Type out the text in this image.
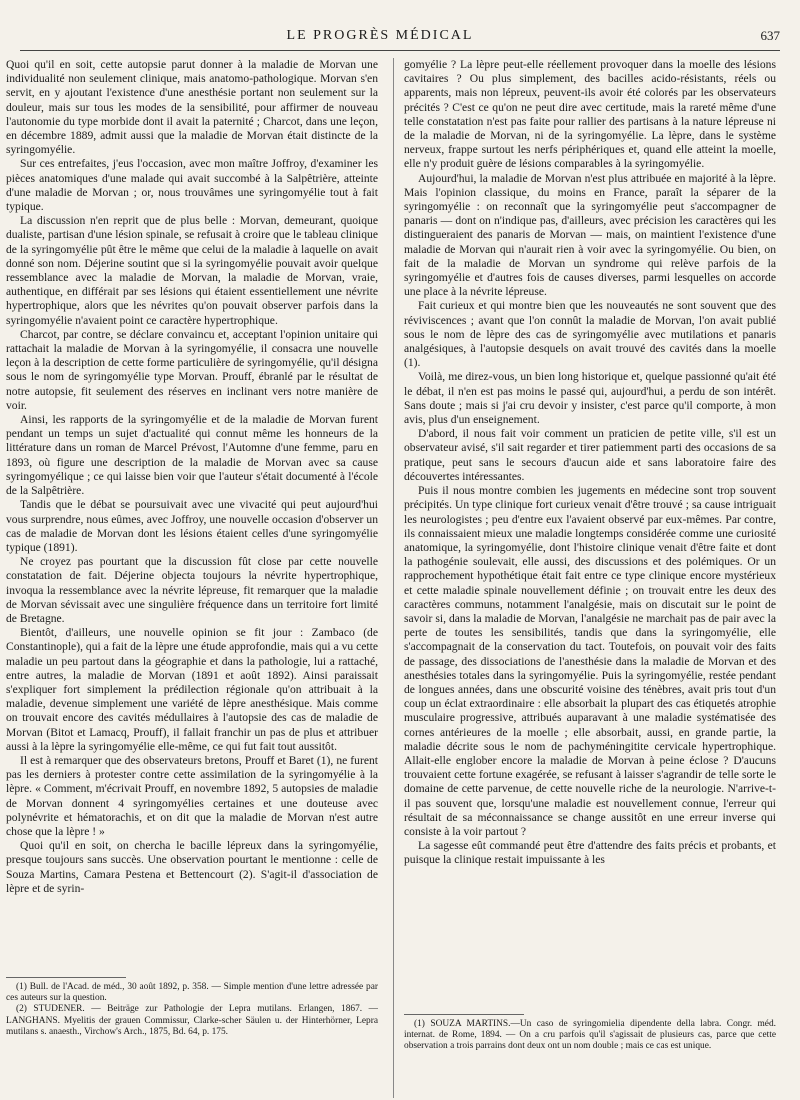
LE PROGRÈS MÉDICAL	637

Quoi qu'il en soit, cette autopsie parut donner à la maladie de Morvan une individualité non seulement clinique, mais anatomo-pathologique. Morvan s'en servit, en y ajoutant l'existence d'une anesthésie portant non seulement sur la douleur, mais sur tous les modes de la sensibilité, pour affirmer de nouveau l'autonomie du type morbide dont il avait la paternité ; Charcot, dans une leçon, en décembre 1889, admit aussi que la maladie de Morvan était distincte de la syringomyélie.

Sur ces entrefaites, j'eus l'occasion, avec mon maître Joffroy, d'examiner les pièces anatomiques d'une malade qui avait succombé à la Salpêtrière, atteinte d'une maladie de Morvan ; or, nous trouvâmes une syringomyélie tout à fait typique.

La discussion n'en reprit que de plus belle : Morvan, demeurant, quoique dualiste, partisan d'une lésion spinale, se refusait à croire que le tableau clinique de la syringomyélie pût être le même que celui de la maladie à laquelle on avait donné son nom. Déjerine soutint que si la syringomyélie pouvait avoir quelque ressemblance avec la maladie de Morvan, la maladie de Morvan, vraie, authentique, en différait par ses lésions qui étaient essentiellement une névrite hypertrophique, alors que les névrites qu'on pouvait observer parfois dans la syringomyélie n'avaient point ce caractère hypertrophique.

Charcot, par contre, se déclare convaincu et, acceptant l'opinion unitaire qui rattachait la maladie de Morvan à la syringomyélie, il consacra une nouvelle leçon à la description de cette forme particulière de syringomyélie, qu'il désigna sous le nom de syringomyélie type Morvan. Prouff, ébranlé par le résultat de notre autopsie, fit seulement des réserves en inclinant vers notre manière de voir.

Ainsi, les rapports de la syringomyélie et de la maladie de Morvan furent pendant un temps un sujet d'actualité qui connut même les honneurs de la littérature dans un roman de Marcel Prévost, l'Automne d'une femme, paru en 1893, où figure une description de la maladie de Morvan avec sa cause syringomyélique ; ce qui laisse bien voir que l'auteur s'était documenté à l'école de la Salpêtrière.

Tandis que le débat se poursuivait avec une vivacité qui peut aujourd'hui vous surprendre, nous eûmes, avec Joffroy, une nouvelle occasion d'observer un cas de maladie de Morvan dont les lésions étaient celles d'une syringomyélie typique (1891).

Ne croyez pas pourtant que la discussion fût close par cette nouvelle constatation de fait. Déjerine objecta toujours la névrite hypertrophique, invoqua la ressemblance avec la névrite lépreuse, fit remarquer que la maladie de Morvan sévissait avec une singulière fréquence dans un territoire fort limité de Bretagne.

Bientôt, d'ailleurs, une nouvelle opinion se fit jour : Zambaco (de Constantinople), qui a fait de la lèpre une étude approfondie, mais qui a vu cette maladie un peu partout dans la géographie et dans la pathologie, lui a rattaché, entre autres, la maladie de Morvan (1891 et août 1892). Ainsi paraissait s'expliquer fort simplement la prédilection régionale qu'on attribuait à la maladie, devenue simplement une variété de lèpre anesthésique. Mais comme on trouvait encore des cavités médullaires à l'autopsie des cas de maladie de Morvan (Bitot et Lamacq, Prouff), il fallait franchir un pas de plus et attribuer aussi à la lèpre la syringomyélie elle-même, ce qui fut fait tout aussitôt.

Il est à remarquer que des observateurs bretons, Prouff et Baret (1), ne furent pas les derniers à protester contre cette assimilation de la syringomyélie à la lèpre. « Comment, m'écrivait Prouff, en novembre 1892, 5 autopsies de maladie de Morvan donnent 4 syringomyélies certaines et une douteuse avec polynévrite et hématorachis, et on dit que la maladie de Morvan n'est autre chose que la lèpre ! »

Quoi qu'il en soit, on chercha le bacille lépreux dans la syringomyélie, presque toujours sans succès. Une observation pourtant le mentionne : celle de Souza Martins, Camara Pestena et Bettencourt (2). S'agit-il d'association de lèpre et de syrin-

(1) Bull. de l'Acad. de méd., 30 août 1892, p. 358. — Simple mention d'une lettre adressée par ces auteurs sur la question.

(2) STUDENER. — Beiträge zur Pathologie der Lepra mutilans. Erlangen, 1867. — LANGHANS. Myelitis der grauen Commissur, Clarke-scher Säulen u. der Hinterhörner, Lepra mutilans s. anaesth., Virchow's Arch., 1875, Bd. 64, p. 175.

gomyélie ? La lèpre peut-elle réellement provoquer dans la moelle des lésions cavitaires ? Ou plus simplement, des bacilles acido-résistants, réels ou apparents, mais non lépreux, peuvent-ils avoir été colorés par les observateurs précités ? C'est ce qu'on ne peut dire avec certitude, mais la rareté même d'une telle constatation n'est pas faite pour rallier des partisans à la nature lépreuse ni de la maladie de Morvan, ni de la syringomyélie. La lèpre, dans le système nerveux, frappe surtout les nerfs périphériques et, quand elle atteint la moelle, elle n'y produit guère de lésions comparables à la syringomyélie.

Aujourd'hui, la maladie de Morvan n'est plus attribuée en majorité à la lèpre. Mais l'opinion classique, du moins en France, paraît la séparer de la syringomyélie : on reconnaît que la syringomyélie peut s'accompagner de panaris — dont on n'indique pas, d'ailleurs, avec précision les caractères qui les distingueraient des panaris de Morvan — mais, on maintient l'existence d'une maladie de Morvan qui n'aurait rien à voir avec la syringomyélie. Ou bien, on fait de la maladie de Morvan un syndrome qui relève parfois de la syringomyélie et d'autres fois de causes diverses, parmi lesquelles on accorde une place à la névrite lépreuse.

Fait curieux et qui montre bien que les nouveautés ne sont souvent que des réviviscences ; avant que l'on connût la maladie de Morvan, l'on avait publié sous le nom de lèpre des cas de syringomyélie avec mutilations et panaris analgésiques, à l'autopsie desquels on avait trouvé des cavités dans la moelle (1).

Voilà, me direz-vous, un bien long historique et, quelque passionné qu'ait été le débat, il n'en est pas moins le passé qui, aujourd'hui, a perdu de son intérêt. Sans doute ; mais si j'ai cru devoir y insister, c'est parce qu'il comporte, à mon avis, plus d'un enseignement.

D'abord, il nous fait voir comment un praticien de petite ville, s'il est un observateur avisé, s'il sait regarder et tirer patiemment parti des occasions de sa pratique, peut sans le secours d'aucun aide et sans laboratoire faire des découvertes intéressantes.

Puis il nous montre combien les jugements en médecine sont trop souvent précipités. Un type clinique fort curieux venait d'être trouvé ; sa cause intriguait les neurologistes ; peu d'entre eux l'avaient observé par eux-mêmes. Par contre, ils connaissaient mieux une maladie longtemps considérée comme une curiosité anatomique, la syringomyélie, dont l'histoire clinique venait d'être faite et dont la pathogénie soulevait, elle aussi, des discussions et des polémiques. Or un rapprochement hypothétique était fait entre ce type clinique encore mystérieux et cette maladie spinale nouvellement définie ; on trouvait entre les deux des caractères communs, notamment l'analgésie, mais on discutait sur le point de savoir si, dans la maladie de Morvan, l'analgésie ne marchait pas de pair avec la perte de toutes les sensibilités, tandis que dans la syringomyélie, elle s'accompagnait de la conservation du tact. Toutefois, on pouvait voir des faits de passage, des dissociations de l'anesthésie dans la maladie de Morvan et des anesthésies totales dans la syringomyélie. Puis la syringomyélie, restée pendant de longues années, dans une obscurité voisine des ténèbres, avait pris tout d'un coup un éclat extraordinaire : elle absorbait la plupart des cas étiquetés atrophie musculaire progressive, attribués auparavant à une maladie systématisée des cornes antérieures de la moelle ; elle absorbait, aussi, en grande partie, la maladie décrite sous le nom de pachyméningitite cervicale hypertrophique. Allait-elle englober encore la maladie de Morvan à peine éclose ? D'aucuns trouvaient cette fortune exagérée, se refusant à laisser s'agrandir de telle sorte le domaine de cette parvenue, de cette nouvelle riche de la neurologie. N'arrive-t-il pas souvent que, lorsqu'une maladie est nouvellement connue, l'erreur qui résultait de sa méconnaissance se change aussitôt en une erreur inverse qui consiste à la voir partout ?

La sagesse eût commandé peut être d'attendre des faits précis et probants, et puisque la clinique restait impuissante à les

(1) SOUZA MARTINS.—Un caso de syringomielia dipendente della labra. Congr. méd. internat. de Rome, 1894. — On a cru parfois qu'il s'agissait de plusieurs cas, parce que cette observation a trois parrains dont deux ont un nom double ; mais ce cas est unique.
